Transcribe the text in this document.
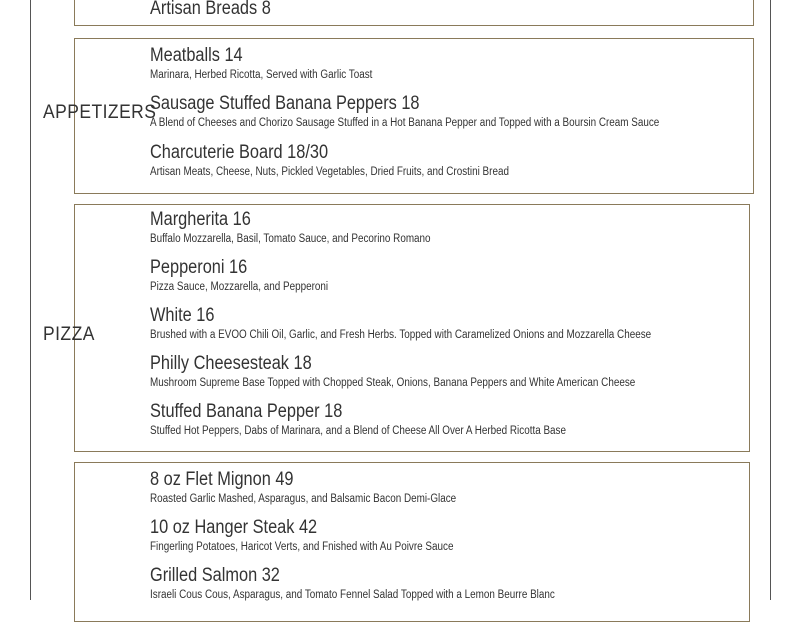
Artisan Breads 8
APPETIZERS
Meatballs 14
Marinara, Herbed Ricotta, Served with Garlic Toast
Sausage Stuffed Banana Peppers 18
A Blend of Cheeses and Chorizo Sausage Stuffed in a Hot Banana Pepper and Topped with a Boursin Cream Sauce
Charcuterie Board 18/30
Artisan Meats, Cheese, Nuts, Pickled Vegetables, Dried Fruits, and Crostini Bread
PIZZA
Margherita 16
Buffalo Mozzarella, Basil, Tomato Sauce, and Pecorino Romano
Pepperoni 16
Pizza Sauce, Mozzarella, and Pepperoni
White 16
Brushed with a EVOO Chili Oil, Garlic, and Fresh Herbs. Topped with Caramelized Onions and Mozzarella Cheese
Philly Cheesesteak 18
Mushroom Supreme Base Topped with Chopped Steak, Onions, Banana Peppers and White American Cheese
Stuffed Banana Pepper 18
Stuffed Hot Peppers, Dabs of Marinara, and a Blend of Cheese All Over A Herbed Ricotta Base
8 oz Flet Mignon 49
Roasted Garlic Mashed, Asparagus, and Balsamic Bacon Demi-Glace
10 oz Hanger Steak 42
Fingerling Potatoes, Haricot Verts, and Fnished with Au Poivre Sauce
Grilled Salmon 32
Israeli Cous Cous, Asparagus, and Tomato Fennel Salad Topped with a Lemon Beurre Blanc
